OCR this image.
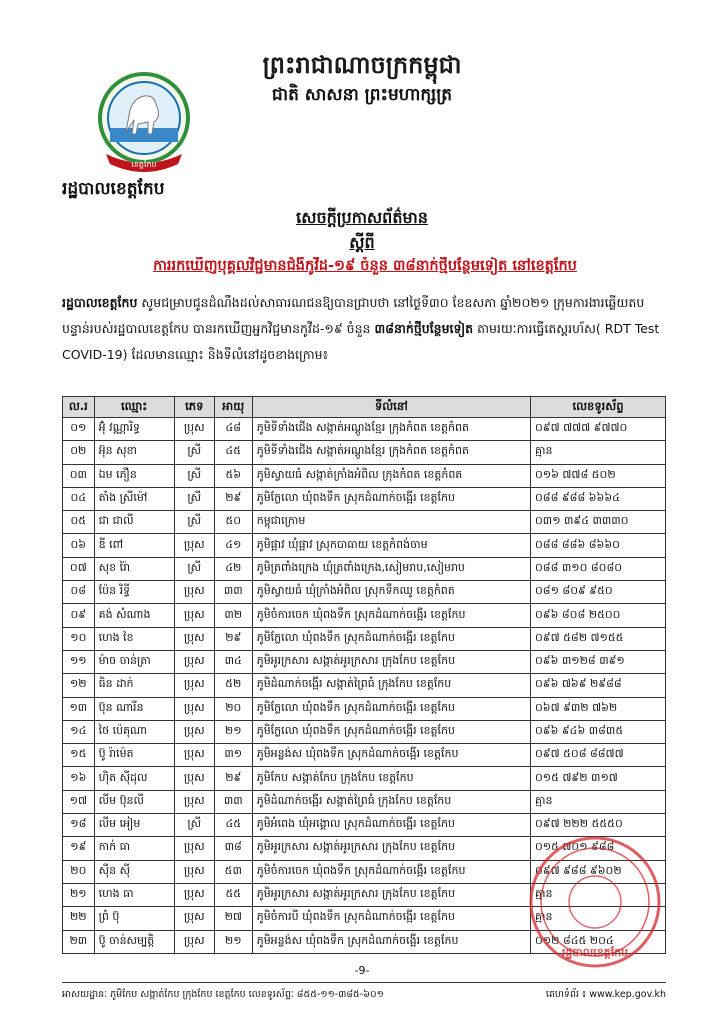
ព្រះរាជាណាចក្រកម្ពុជា
ជាតិ សាសនា ព្រះមហាក្សត្រ
ខេត្តកែប
រដ្ឋបាលខេត្តកែប
សេចក្តីប្រកាសព័ត៌មាន
ស្តីពី
ការរកឃើញបុគ្គលវិជ្ជមានជំងឺកូវីដ-១៩ ចំនួន ៣៨នាក់ថ្មីបន្ថែមទៀត នៅខេត្តកែប
រដ្ឋបាលខេត្តកែប សូមជម្រាបជូនដំណឹងដល់សាធារណជនឱ្យបានជ្រាបថា នៅថ្ងៃទី៣០ ខែឧសភា ឆ្នាំ២០២១ ក្រុមការងារឆ្លើយតបបន្ទាន់របស់រដ្ឋបាលខេត្តកែប បានរកឃើញអ្នកវិជ្ជមានកូវីដ-១៩ ចំនួន ៣៨នាក់ថ្មីបន្ថែមទៀត តាមរយៈការធ្វើតេស្តរហ័ស( RDT Test COVID-19) ដែលមានឈ្មោះ និងទីលំនៅដូចខាងក្រោម៖
ល.រ	ឈ្មោះ	ភេទ	អាយុ	ទីលំនៅ	លេខទូរស័ព្ទ
០១	អ៊ុំ វណ្ណារិទ្ធ	ប្រុស	៤៨	ភូមិទីទាំងជើង សង្កាត់អណ្តូងខ្មែរ ក្រុងកំពត ខេត្តកំពត	០៩៧ ៧៧៧ ៩៧៧០
០២	អ៊ុន សុខា	ស្រី	៤៥	ភូមិទីទាំងជើង សង្កាត់អណ្តូងខ្មែរ ក្រុងកំពត ខេត្តកំពត	គ្មាន
០៣	ឯម ភឿន	ស្រី	៥៦	ភូមិស្វាយធំ សង្កាត់ក្រាំងអំពិល ក្រុងកំពត ខេត្តកំពត	០១៦ ៧៧៨ ៥០២
០៤	តាំង ស្រីម៉ៅ	ស្រី	២៩	ភូមិក្លែលោ ឃុំពងទឹក ស្រុកដំណាក់ចង្អើរ ខេត្តកែប	០៨៨ ៩៨៨ ៦៦៦៤
០៥	ជា ជាលី	ស្រី	៥០	កម្ពុជាក្រោម	០៣១ ៣៩៤ ៣៣៣០
០៦	ឌី ពៅ	ប្រុស	៤១	ភូមិផ្អាវ ឃុំផ្អាវ ស្រុកបាធាយ ខេត្តកំពង់ចាម	០៨៨ ៨៨៦ ៨៦៦០
០៧	សុខ រ៉ៃា	ស្រី	៤២	ភូមិត្រពាំងក្រេង ឃុំត្រពាំងក្រេង,សៀមរាប,សៀមរាប	០៨៨ ៣១០ ៨០៨០
០៨	ប៉ែន រិទ្ធី	ប្រុស	៣៣	ភូមិស្វាយធំ ឃុំក្រាំងអំពិល ស្រុកទឹកឈូ ខេត្តកំពត	០៨១ ៨០៩ ៩៥០
០៩	គង់ សំណាង	ប្រុស	៣២	ភូមិចំការចេក ឃុំពងទឹក ស្រុកដំណាក់ចង្អើរ ខេត្តកែប	០៩៦ ៨០៨ ២៥០០
១០	ហេង ខៃ	ប្រុស	២៩	ភូមិក្លែលោ ឃុំពងទឹក ស្រុកដំណាក់ចង្អើរ ខេត្តកែប	០៩៧ ៥៨២ ៧១៥៥
១១	ម៉ាច ចាន់ត្រា	ប្រុស	៣៤	ភូមិអូរក្រសារ សង្កាត់អូរក្រសារ ក្រុងកែប ខេត្តកែប	០៩៦ ៣១២៨ ៣៩១
១២	ធិន ដាក់	ប្រុស	៥២	ភូមិដំណាក់ចង្អើរ សង្កាត់ព្រៃធំ ក្រុងកែប ខេត្តកែប	០៩៦ ៧៦៩ ២៩៨៨
១៣	ប៊ុន ណារីន	ប្រុស	២០	ភូមិក្លែលោ ឃុំពងទឹក ស្រុកដំណាក់ចង្អើរ ខេត្តកែប	០៦៧ ៩៣២ ៧៦២
១៤	ថៃ ប៉េគុណា	ប្រុស	២១	ភូមិក្លែលោ ឃុំពងទឹក ស្រុកដំណាក់ចង្អើរ ខេត្តកែប	០៩៦ ៩៤៦ ៣៨៣៥
១៥	ប៊ូ រ៉ាម៉េត	ប្រុស	៣១	ភូមិអន្លង់ស ឃុំពងទឹក ស្រុកដំណាក់ចង្អើរ ខេត្តកែប	០៩៧ ៥០៨ ៨៨៧៧
១៦	ហ៊ិត ស៊ីដុល	ប្រុស	២៩	ភូមិកែប សង្កាត់កែប ក្រុងកែប ខេត្តកែប	០១៥ ៧៩២ ៣១៧
១៧	លីម ប៊ុនលី	ប្រុស	៣៣	ភូមិដំណាក់ចង្អើរ សង្កាត់ព្រៃធំ ក្រុងកែប ខេត្តកែប	គ្មាន
១៨	លីម អៀម	ស្រី	៤៥	ភូមិអំពេង ឃុំអង្គោល ស្រុកដំណាក់ចង្អើរ ខេត្តកែប	០៩៧ ២២២ ៥៥៥០
១៩	កាក់ ធា	ប្រុស	៣៨	ភូមិអូរក្រសារ សង្កាត់អូរក្រសារ ក្រុងកែប ខេត្តកែប	០១៥ ៧០១ ៩៨៨
២០	ស៊ីន ស៊ី	ប្រុស	៥៣	ភូមិចំការចេក ឃុំពងទឹក ស្រុកដំណាក់ចង្អើរ ខេត្តកែប	០៩៧ ៩៨៨ ៩៦០២
២១	ហេង ធា	ប្រុស	៥៥	ភូមិអូរក្រសារ សង្កាត់អូរក្រសារ ក្រុងកែប ខេត្តកែប	គ្មាន
២២	ព្រំ ប៊ុ	ប្រុស	២៧	ភូមិចំការបី ឃុំពងទឹក ស្រុកដំណាក់ចង្អើរ ខេត្តកែប	គ្មាន
២៣	ប៊ូ ចាន់សម្បត្តិ	ប្រុស	២១	ភូមិអន្លង់ស ឃុំពងទឹក ស្រុកដំណាក់ចង្អើរ ខេត្តកែប	០១២ ៨៤៥ ២០៤
រដ្ឋបាលខេត្តកែប
-9-
អាសយដ្ឋានៈ ភូមិកែប សង្កាត់កែប ក្រុងកែប ខេត្តកែប លេខទូរស័ព្ទៈ ៨៥៥-១១-៣៨៥-៦០១	គេហទំព័រ ៖ www.kep.gov.kh
